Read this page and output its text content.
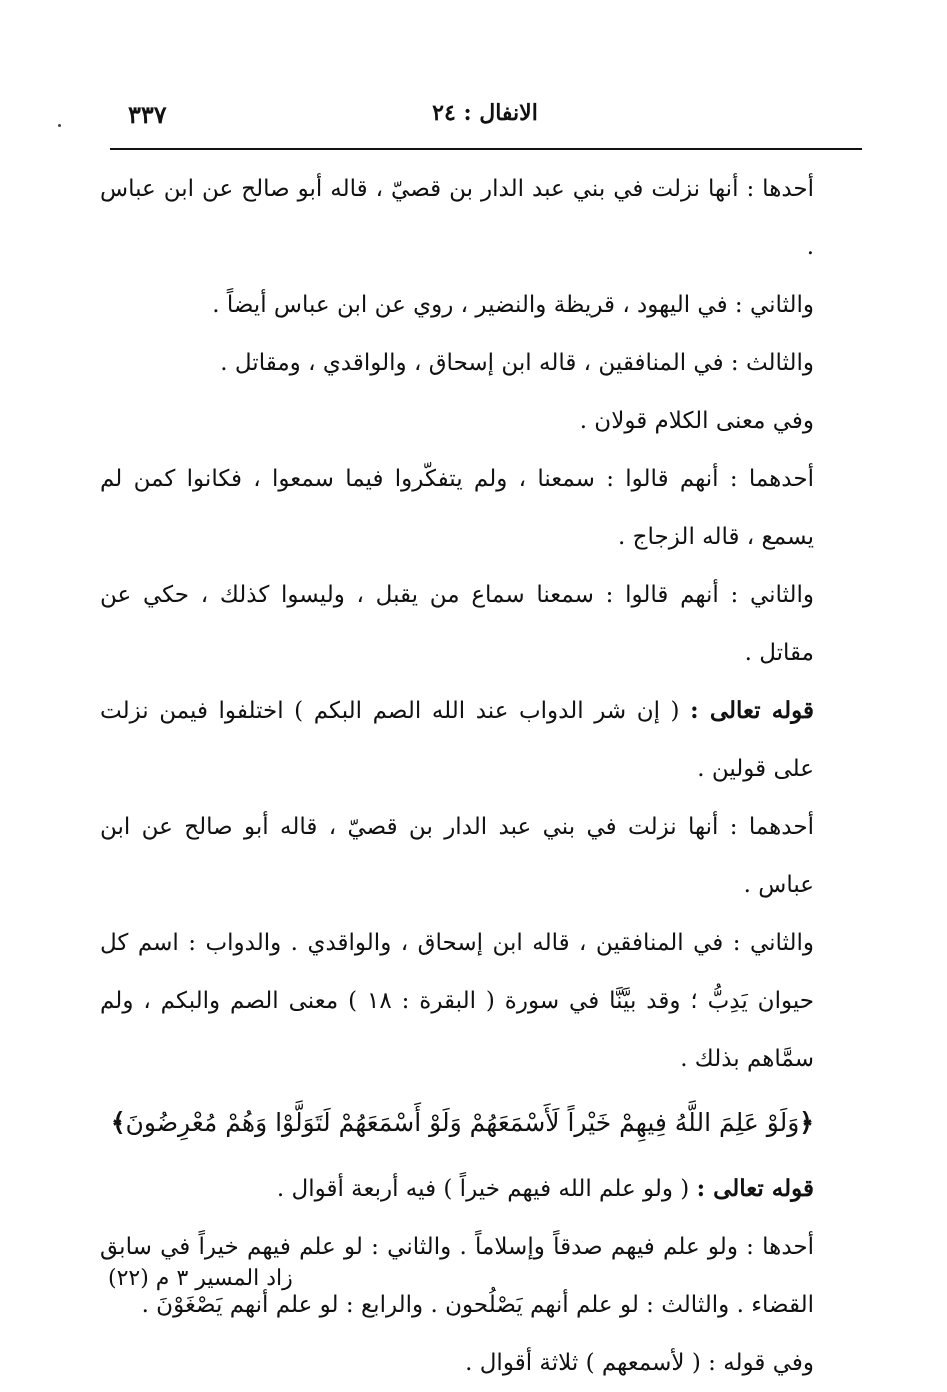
الانفال : ٢٤
٣٣٧

أحدها : أنها نزلت في بني عبد الدار بن قصيّ ، قاله أبو صالح عن ابن عباس .

والثاني : في اليهود ، قريظة والنضير ، روي عن ابن عباس أيضاً .

والثالث : في المنافقين ، قاله ابن إسحاق ، والواقدي ، ومقاتل .

وفي معنى الكلام قولان .

أحدهما : أنهم قالوا : سمعنا ، ولم يتفكّروا فيما سمعوا ، فكانوا كمن لم يسمع ، قاله الزجاج .

والثاني : أنهم قالوا : سمعنا سماع من يقبل ، وليسوا كذلك ، حكي عن مقاتل .

قوله تعالى : ( إن شر الدواب عند الله الصم البكم ) اختلفوا فيمن نزلت على قولين .

أحدهما : أنها نزلت في بني عبد الدار بن قصيّ ، قاله أبو صالح عن ابن عباس .

والثاني : في المنافقين ، قاله ابن إسحاق ، والواقدي . والدواب : اسم كل حيوان يَدِبُّ ؛ وقد بيَّنَّا في سورة ( البقرة : ١٨ ) معنى الصم والبكم ، ولم سمَّاهم بذلك .

﴿وَلَوْ عَلِمَ اللَّهُ فِيهِمْ خَيْراً لَأَسْمَعَهُمْ وَلَوْ أَسْمَعَهُمْ لَتَوَلَّوْا وَهُمْ مُعْرِضُونَ﴾

قوله تعالى : ( ولو علم الله فيهم خيراً ) فيه أربعة أقوال .

أحدها : ولو علم فيهم صدقاً وإسلاماً . والثاني : لو علم فيهم خيراً في سابق القضاء . والثالث : لو علم أنهم يَصْلُحون . والرابع : لو علم أنهم يَصْغَوْنَ .

وفي قوله : ( لأسمعهم ) ثلاثة أقوال .

زاد المسير ٣ م (٢٢)
